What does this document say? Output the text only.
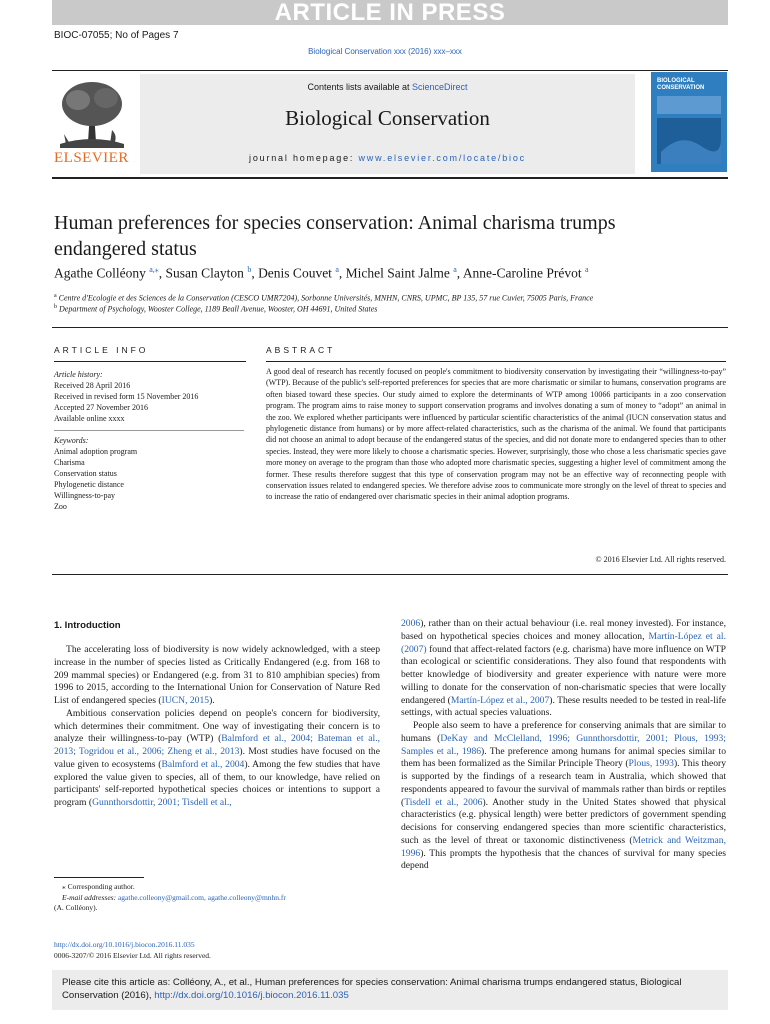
ARTICLE IN PRESS
BIOC-07055; No of Pages 7
Biological Conservation xxx (2016) xxx–xxx
ELSEVIER
Contents lists available at ScienceDirect
Biological Conservation
journal homepage: www.elsevier.com/locate/bioc
BIOLOGICAL CONSERVATION
Human preferences for species conservation: Animal charisma trumps
endangered status
Agathe Colléony $^{a,⁎}$, Susan Clayton $^b$, Denis Couvet $^a$, Michel Saint Jalme $^a$, Anne-Caroline Prévot $^a$
$^a$ Centre d'Ecologie et des Sciences de la Conservation (CESCO UMR7204), Sorbonne Universités, MNHN, CNRS, UPMC, BP 135, 57 rue Cuvier, 75005 Paris, France
$^b$ Department of Psychology, Wooster College, 1189 Beall Avenue, Wooster, OH 44691, United States
ARTICLE INFO
Article history:
Received 28 April 2016
Received in revised form 15 November 2016
Accepted 27 November 2016
Available online xxxx
Keywords:
Animal adoption program
Charisma
Conservation status
Phylogenetic distance
Willingness-to-pay
Zoo
ABSTRACT
A good deal of research has recently focused on people's commitment to biodiversity conservation by investigating their “willingness-to-pay” (WTP). Because of the public's self-reported preferences for species that are more charismatic or similar to humans, conservation programs are often biased toward these species. Our study aimed to explore the determinants of WTP among 10066 participants in a zoo conservation program. The program aims to raise money to support conservation programs and involves donating a sum of money to “adopt” an animal in the zoo. We explored whether participants were influenced by particular scientific characteristics of the animal (IUCN conservation status and phylogenetic distance from humans) or by more affect-related characteristics, such as the charisma of the animal. We found that participants did not choose an animal to adopt because of the endangered status of the species, and did not donate more to endangered species than to other species. Instead, they were more likely to choose a charismatic species. However, surprisingly, those who chose a less charismatic species gave more money on average to the program than those who adopted more charismatic species, suggesting a higher level of commitment among the former. These results therefore suggest that this type of conservation program may not be an effective way of reconnecting people with conservation issues related to endangered species. We therefore advise zoos to communicate more strongly on the level of threat to species and to increase the ratio of endangered over charismatic species in their animal adoption programs.
© 2016 Elsevier Ltd. All rights reserved.
1. Introduction

The accelerating loss of biodiversity is now widely acknowledged, with a steep increase in the number of species listed as Critically Endangered (e.g. from 168 to 209 mammal species) or Endangered (e.g. from 31 to 810 amphibian species) from 1996 to 2015, according to the International Union for Conservation of Nature Red List of endangered species (IUCN, 2015).

Ambitious conservation policies depend on people's concern for biodiversity, which determines their commitment. One way of investigating their concern is to analyze their willingness-to-pay (WTP) (Balmford et al., 2004; Bateman et al., 2013; Togridou et al., 2006; Zheng et al., 2013). Most studies have focused on the value given to ecosystems (Balmford et al., 2004). Among the few studies that have explored the value given to species, all of them, to our knowledge, have relied on participants' self-reported hypothetical species choices or intentions to support a program (Gunnthorsdottir, 2001; Tisdell et al.,

2006), rather than on their actual behaviour (i.e. real money invested). For instance, based on hypothetical species choices and money allocation, Martín-López et al. (2007) found that affect-related factors (e.g. charisma) have more influence on WTP than ecological or scientific considerations. They also found that respondents with better knowledge of biodiversity and greater experience with nature were more willing to donate for the conservation of non-charismatic species that were locally endangered (Martín-López et al., 2007). These results needed to be tested in real-life settings, with actual species valuations.

People also seem to have a preference for conserving animals that are similar to humans (DeKay and McClelland, 1996; Gunnthorsdottir, 2001; Plous, 1993; Samples et al., 1986). The preference among humans for animal species similar to them has been formalized as the Similar Principle Theory (Plous, 1993). This theory is supported by the findings of a research team in Australia, which showed that respondents appeared to favour the survival of mammals rather than birds or reptiles (Tisdell et al., 2006). Another study in the United States showed that physical characteristics (e.g. physical length) were better predictors of government spending decisions for conserving endangered species than more scientific characteristics, such as the level of threat or taxonomic distinctiveness (Metrick and Weitzman, 1996). This prompts the hypothesis that the chances of survival for many species depend

⁎ Corresponding author.
E-mail addresses: agathe.colleony@gmail.com, agathe.colleony@mnhn.fr
(A. Colléony).
http://dx.doi.org/10.1016/j.biocon.2016.11.035
0006-3207/© 2016 Elsevier Ltd. All rights reserved.
Please cite this article as: Colléony, A., et al., Human preferences for species conservation: Animal charisma trumps endangered status, Biological Conservation (2016), http://dx.doi.org/10.1016/j.biocon.2016.11.035
